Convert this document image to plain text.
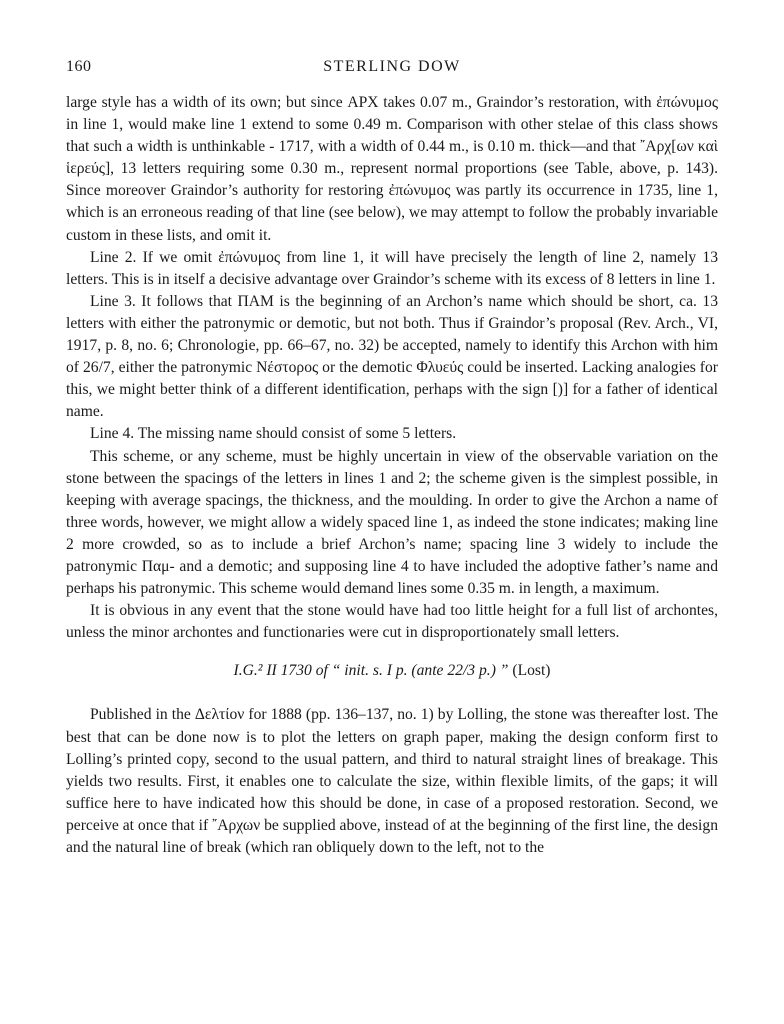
160	STERLING DOW

large style has a width of its own; but since ΑΡΧ takes 0.07 m., Graindor’s restoration, with ἐπώνυμος in line 1, would make line 1 extend to some 0.49 m. Comparison with other stelae of this class shows that such a width is unthinkable - 1717, with a width of 0.44 m., is 0.10 m. thick—and that ῎Αρχ[ων καὶ ἱερεύς], 13 letters requiring some 0.30 m., represent normal proportions (see Table, above, p. 143). Since moreover Graindor’s authority for restoring ἐπώνυμος was partly its occurrence in 1735, line 1, which is an erroneous reading of that line (see below), we may attempt to follow the probably invariable custom in these lists, and omit it.

Line 2. If we omit ἐπώνυμος from line 1, it will have precisely the length of line 2, namely 13 letters. This is in itself a decisive advantage over Graindor’s scheme with its excess of 8 letters in line 1.

Line 3. It follows that ΠΑΜ is the beginning of an Archon’s name which should be short, ca. 13 letters with either the patronymic or demotic, but not both. Thus if Graindor’s proposal (Rev. Arch., VI, 1917, p. 8, no. 6; Chronologie, pp. 66–67, no. 32) be accepted, namely to identify this Archon with him of 26/7, either the patronymic Νέστορος or the demotic Φλυεύς could be inserted. Lacking analogies for this, we might better think of a different identification, perhaps with the sign [)] for a father of identical name.

Line 4. The missing name should consist of some 5 letters.

This scheme, or any scheme, must be highly uncertain in view of the observable variation on the stone between the spacings of the letters in lines 1 and 2; the scheme given is the simplest possible, in keeping with average spacings, the thickness, and the moulding. In order to give the Archon a name of three words, however, we might allow a widely spaced line 1, as indeed the stone indicates; making line 2 more crowded, so as to include a brief Archon’s name; spacing line 3 widely to include the patronymic Παμ- and a demotic; and supposing line 4 to have included the adoptive father’s name and perhaps his patronymic. This scheme would demand lines some 0.35 m. in length, a maximum.

It is obvious in any event that the stone would have had too little height for a full list of archontes, unless the minor archontes and functionaries were cut in disproportionately small letters.

I.G.² II 1730 of “ init. s. I p. (ante 22/3 p.) ” (Lost)

Published in the Δελτίον for 1888 (pp. 136–137, no. 1) by Lolling, the stone was thereafter lost. The best that can be done now is to plot the letters on graph paper, making the design conform first to Lolling’s printed copy, second to the usual pattern, and third to natural straight lines of breakage. This yields two results. First, it enables one to calculate the size, within flexible limits, of the gaps; it will suffice here to have indicated how this should be done, in case of a proposed restoration. Second, we perceive at once that if ῎Αρχων be supplied above, instead of at the beginning of the first line, the design and the natural line of break (which ran obliquely down to the left, not to the
